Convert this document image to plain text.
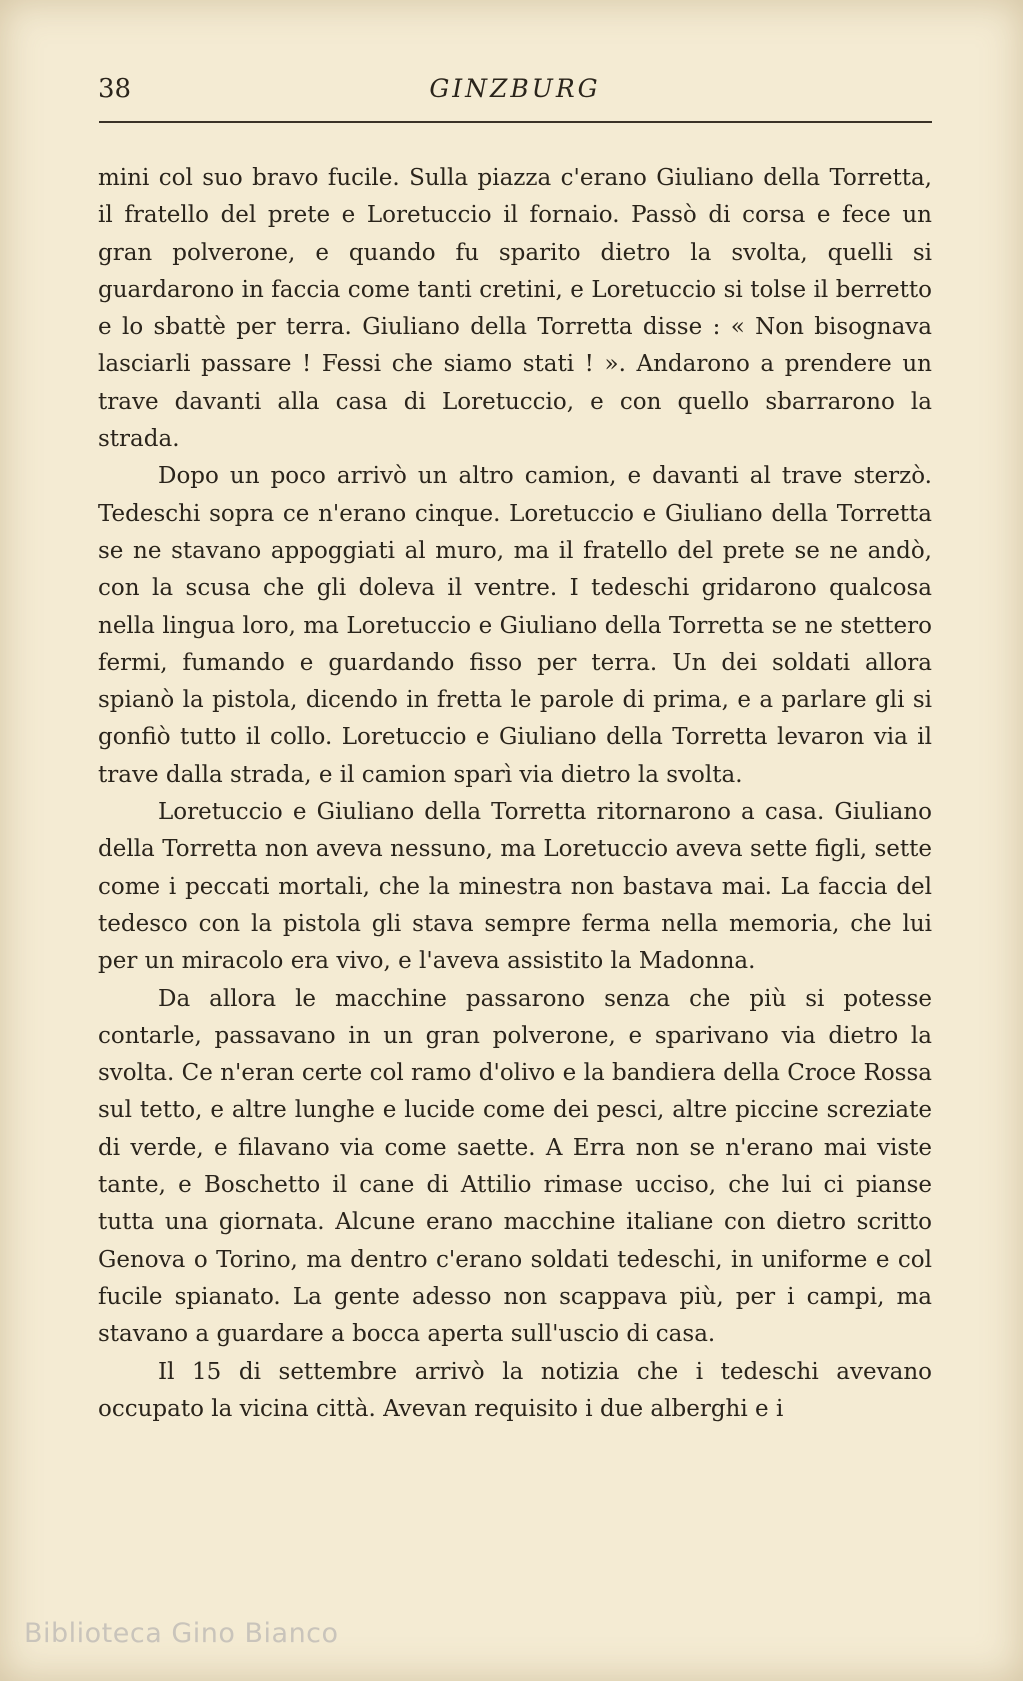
38	GINZBURG

mini col suo bravo fucile. Sulla piazza c'erano Giuliano della Torretta, il fratello del prete e Loretuccio il fornaio. Passò di corsa e fece un gran polverone, e quando fu sparito dietro la svolta, quelli si guardarono in faccia come tanti cretini, e Loretuccio si tolse il berretto e lo sbattè per terra. Giuliano della Torretta disse : « Non bisognava lasciarli passare ! Fessi che siamo stati ! ». Andarono a prendere un trave davanti alla casa di Loretuccio, e con quello sbarrarono la strada.

Dopo un poco arrivò un altro camion, e davanti al trave sterzò. Tedeschi sopra ce n'erano cinque. Loretuccio e Giuliano della Torretta se ne stavano appoggiati al muro, ma il fratello del prete se ne andò, con la scusa che gli doleva il ventre. I tedeschi gridarono qualcosa nella lingua loro, ma Loretuccio e Giuliano della Torretta se ne stettero fermi, fumando e guardando fisso per terra. Un dei soldati allora spianò la pistola, dicendo in fretta le parole di prima, e a parlare gli si gonfiò tutto il collo. Loretuccio e Giuliano della Torretta levaron via il trave dalla strada, e il camion sparì via dietro la svolta.

Loretuccio e Giuliano della Torretta ritornarono a casa. Giuliano della Torretta non aveva nessuno, ma Loretuccio aveva sette figli, sette come i peccati mortali, che la minestra non bastava mai. La faccia del tedesco con la pistola gli stava sempre ferma nella memoria, che lui per un miracolo era vivo, e l'aveva assistito la Madonna.

Da allora le macchine passarono senza che più si potesse contarle, passavano in un gran polverone, e sparivano via dietro la svolta. Ce n'eran certe col ramo d'olivo e la bandiera della Croce Rossa sul tetto, e altre lunghe e lucide come dei pesci, altre piccine screziate di verde, e filavano via come saette. A Erra non se n'erano mai viste tante, e Boschetto il cane di Attilio rimase ucciso, che lui ci pianse tutta una giornata. Alcune erano macchine italiane con dietro scritto Genova o Torino, ma dentro c'erano soldati tedeschi, in uniforme e col fucile spianato. La gente adesso non scappava più, per i campi, ma stavano a guardare a bocca aperta sull'uscio di casa.

Il 15 di settembre arrivò la notizia che i tedeschi avevano occupato la vicina città. Avevan requisito i due alberghi e i

Biblioteca Gino Bianco
